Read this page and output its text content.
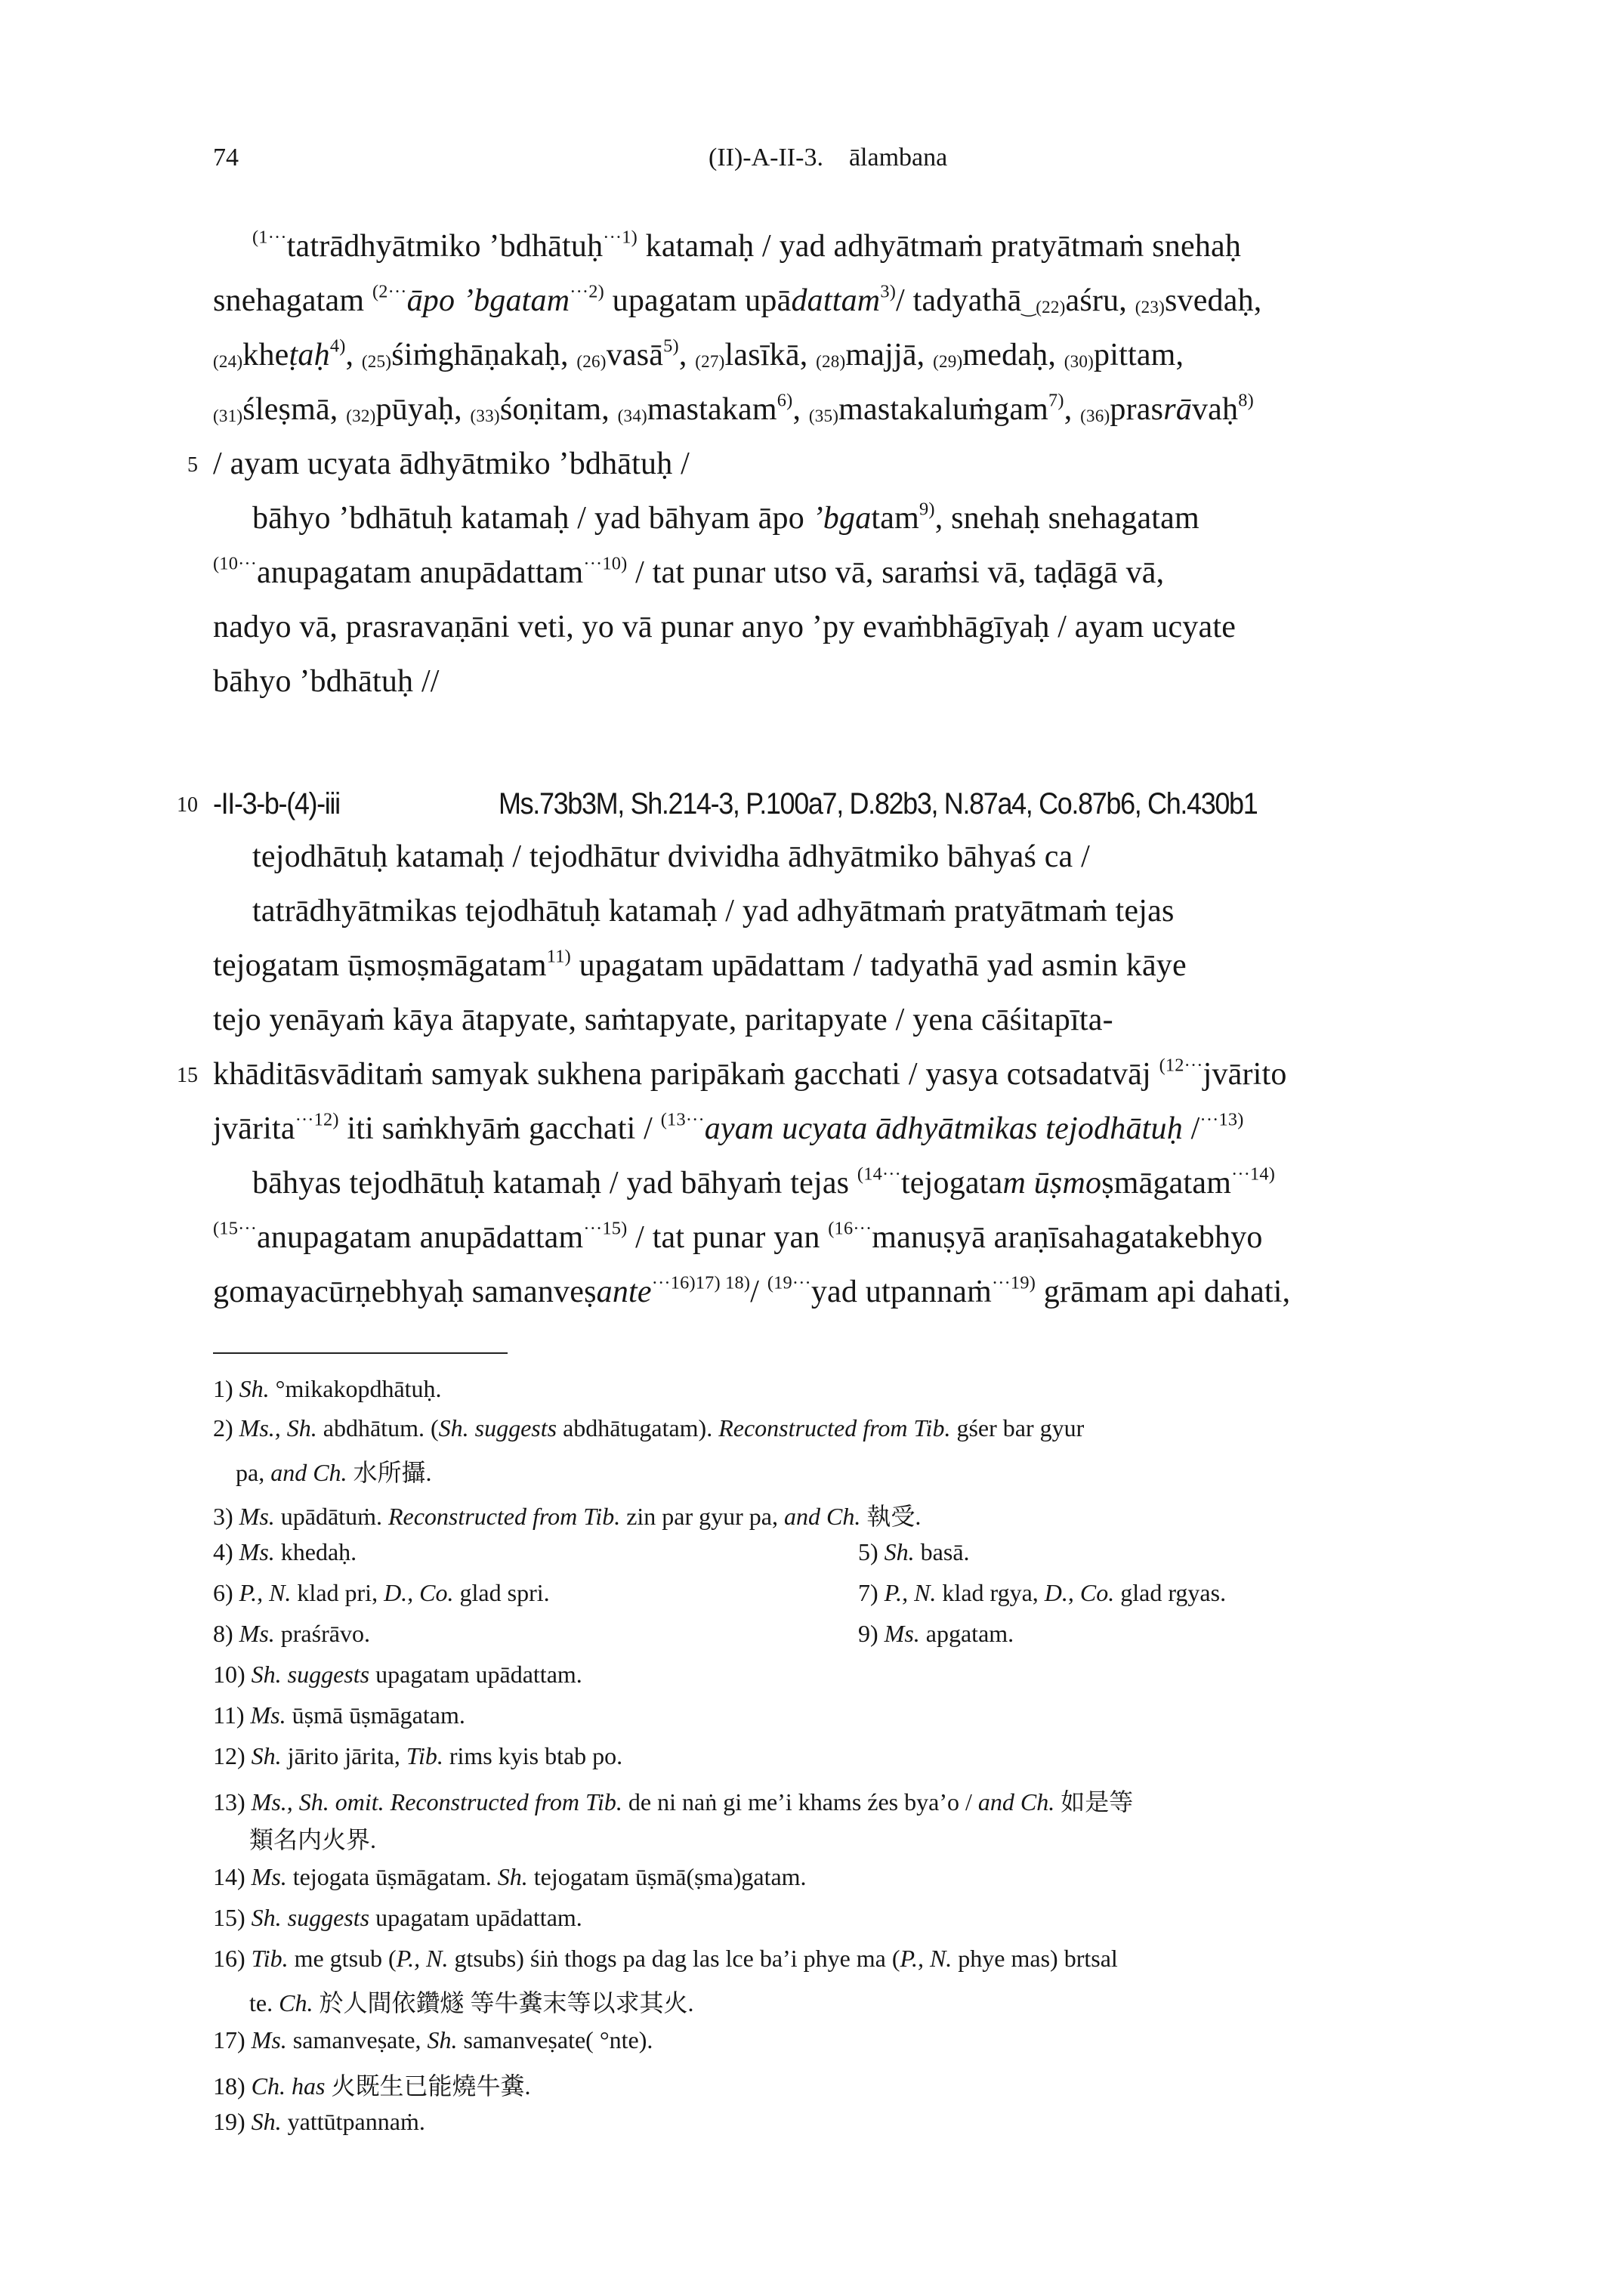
74	(II)-A-II-3.    ālambana
$^{(1\cdot\cdot\cdot}$tatrādhyātmiko ’bdhātuḥ$^{\cdot\cdot\cdot 1)}$ katamaḥ / yad adhyātmaṁ pratyātmaṁ snehaḥ
snehagatam $^{(2\cdot\cdot\cdot}$āpo ’bgatam$^{\cdot\cdot\cdot 2)}$ upagatam upādattam$^{3)}$/ tadyathā$_{‿(22)}$aśru, $_{(23)}$svedaḥ,
$_{(24)}$kheṭaḥ$^{4)}$, $_{(25)}$śiṁghāṇakaḥ, $_{(26)}$vasā$^{5)}$, $_{(27)}$lasīkā, $_{(28)}$majjā, $_{(29)}$medaḥ, $_{(30)}$pittam,
$_{(31)}$śleṣmā, $_{(32)}$pūyaḥ, $_{(33)}$śoṇitam, $_{(34)}$mastakam$^{6)}$, $_{(35)}$mastakaluṁgam$^{7)}$, $_{(36)}$prasrāvaḥ$^{8)}$
5 / ayam ucyata ādhyātmiko ’bdhātuḥ /
bāhyo ’bdhātuḥ katamaḥ / yad bāhyam āpo ’bgatam$^{9)}$, snehaḥ snehagatam
$^{(10\cdot\cdot\cdot}$anupagatam anupādattam$^{\cdot\cdot\cdot 10)}$ / tat punar utso vā, saraṁsi vā, taḍāgā vā,
nadyo vā, prasravaṇāni veti, yo vā punar anyo ’py evaṁbhāgīyaḥ / ayam ucyate
bāhyo ’bdhātuḥ //
10 -II-3-b-(4)-iii	Ms.73b3M, Sh.214-3, P.100a7, D.82b3, N.87a4, Co.87b6, Ch.430b1
tejodhātuḥ katamaḥ / tejodhātur dvividha ādhyātmiko bāhyaś ca /
tatrādhyātmikas tejodhātuḥ katamaḥ / yad adhyātmaṁ pratyātmaṁ tejas
tejogatam ūṣmoṣmāgatam$^{11)}$ upagatam upādattam / tadyathā yad asmin kāye
tejo yenāyaṁ kāya ātapyate, saṁtapyate, paritapyate / yena cāśitapīta-
15 khāditāsvāditaṁ samyak sukhena paripākaṁ gacchati / yasya cotsadatvāj $^{(12\cdot\cdot\cdot}$jvārito
jvārita$^{\cdot\cdot\cdot 12)}$ iti saṁkhyāṁ gacchati / $^{(13\cdot\cdot\cdot}$ayam ucyata ādhyātmikas tejodhātuḥ /$^{\cdot\cdot\cdot 13)}$
bāhyas tejodhātuḥ katamaḥ / yad bāhyaṁ tejas $^{(14\cdot\cdot\cdot}$tejogatam ūṣmoṣmāgatam$^{\cdot\cdot\cdot 14)}$
$^{(15\cdot\cdot\cdot}$anupagatam anupādattam$^{\cdot\cdot\cdot 15)}$ / tat punar yan $^{(16\cdot\cdot\cdot}$manuṣyā araṇīsahagatakebhyo
gomayacūrṇebhyaḥ samanveṣante$^{\cdot\cdot\cdot 16)17) 18)}$/ $^{(19\cdot\cdot\cdot}$yad utpannaṁ$^{\cdot\cdot\cdot 19)}$ grāmam api dahati,
1) Sh. °mikakopdhātuḥ.
2) Ms., Sh. abdhātum. (Sh. suggests abdhātugatam). Reconstructed from Tib. gśer bar gyur
pa, and Ch. 水所攝.
3) Ms. upādātuṁ. Reconstructed from Tib. zin par gyur pa, and Ch. 執受.
4) Ms. khedaḥ.	5) Sh. basā.
6) P., N. klad pri, D., Co. glad spri.	7) P., N. klad rgya, D., Co. glad rgyas.
8) Ms. praśrāvo.	9) Ms. apgatam.
10) Sh. suggests upagatam upādattam.
11) Ms. ūṣmā ūṣmāgatam.
12) Sh. jārito jārita, Tib. rims kyis btab po.
13) Ms., Sh. omit. Reconstructed from Tib. de ni naṅ gi me’i khams źes bya’o / and Ch. 如是等
類名内火界.
14) Ms. tejogata ūṣmāgatam. Sh. tejogatam ūṣmā(ṣma)gatam.
15) Sh. suggests upagatam upādattam.
16) Tib. me gtsub (P., N. gtsubs) śiṅ thogs pa dag las lce ba’i phye ma (P., N. phye mas) brtsal
te. Ch. 於人間依鑽燧 等牛糞末等以求其火.
17) Ms. samanveṣate, Sh. samanveṣate( °nte).
18) Ch. has 火既生已能燒牛糞.
19) Sh. yattūtpannaṁ.
